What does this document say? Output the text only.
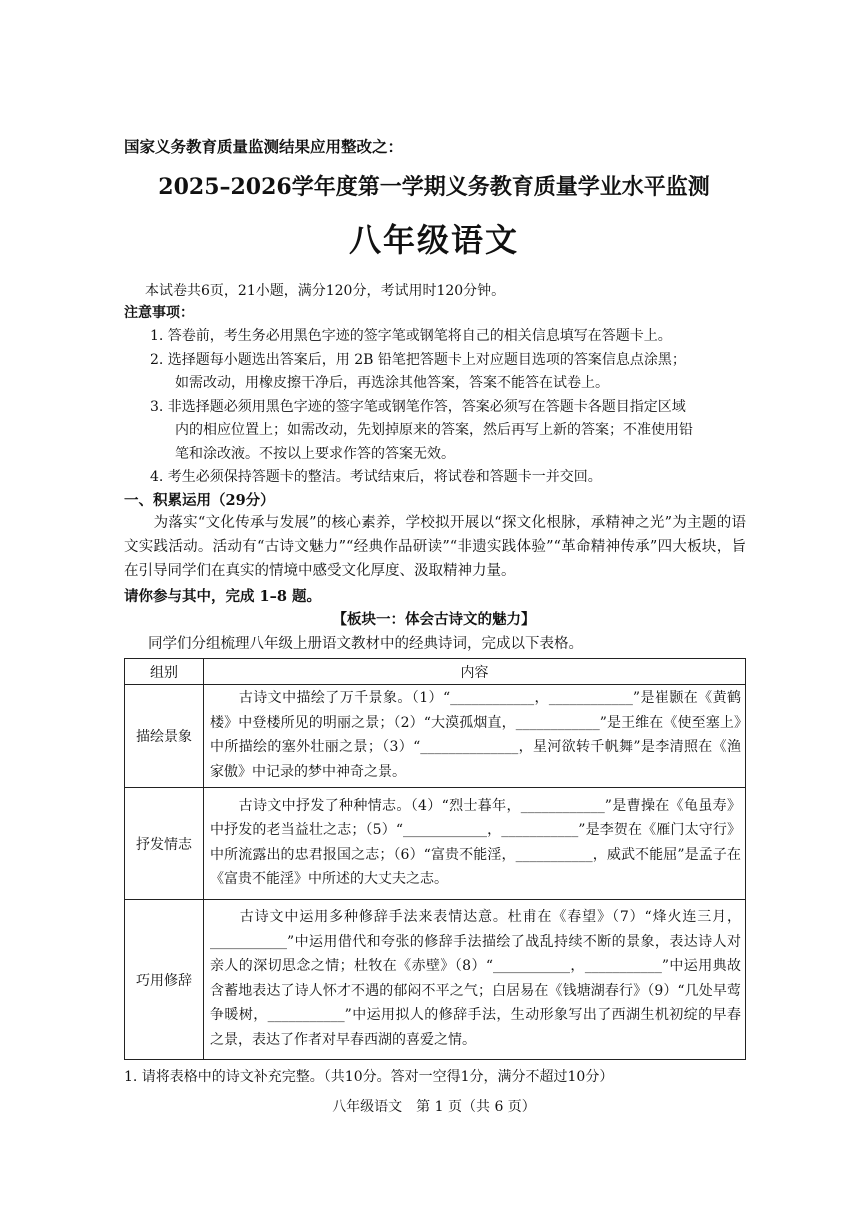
国家义务教育质量监测结果应用整改之：
2025–2026学年度第一学期义务教育质量学业水平监测
八年级语文
本试卷共6页，21小题，满分120分，考试用时120分钟。
注意事项：

1. 答卷前，考生务必用黑色字迹的签字笔或钢笔将自己的相关信息填写在答题卡上。

2. 选择题每小题选出答案后，用 2B 铅笔把答题卡上对应题目选项的答案信息点涂黑；

如需改动，用橡皮擦干净后，再选涂其他答案，答案不能答在试卷上。

3. 非选择题必须用黑色字迹的签字笔或钢笔作答，答案必须写在答题卡各题目指定区域

内的相应位置上；如需改动，先划掉原来的答案，然后再写上新的答案；不准使用铅

笔和涂改液。不按以上要求作答的答案无效。

4. 考生必须保持答题卡的整洁。考试结束后，将试卷和答题卡一并交回。

一、积累运用（29分）
　　为落实“文化传承与发展”的核心素养，学校拟开展以“探文化根脉，承精神之光”为主题的语文实践活动。活动有“古诗文魅力”“经典作品研读”“非遗实践体验”“革命精神传承”四大板块，旨在引导同学们在真实的情境中感受文化厚度、汲取精神力量。
请你参与其中，完成 1–8 题。
【板块一：体会古诗文的魅力】
同学们分组梳理八年级上册语文教材中的经典诗词，完成以下表格。
组别	内容
描绘景象	　　古诗文中描绘了万千景象。（1）“____________，____________”是崔颢在《黄鹤楼》中登楼所见的明丽之景；（2）“大漠孤烟直，____________”是王维在《使至塞上》中所描绘的塞外壮丽之景；（3）“______________，星河欲转千帆舞”是李清照在《渔家傲》中记录的梦中神奇之景。
抒发情志	　　古诗文中抒发了种种情志。（4）“烈士暮年，____________”是曹操在《龟虽寿》中抒发的老当益壮之志；（5）“____________，___________”是李贺在《雁门太守行》中所流露出的忠君报国之志；（6）“富贵不能淫，___________，威武不能屈”是孟子在《富贵不能淫》中所述的大丈夫之志。
巧用修辞	　　古诗文中运用多种修辞手法来表情达意。杜甫在《春望》（7）“烽火连三月，___________”中运用借代和夸张的修辞手法描绘了战乱持续不断的景象，表达诗人对亲人的深切思念之情；杜牧在《赤壁》（8）“___________，___________”中运用典故含蓄地表达了诗人怀才不遇的郁闷不平之气；白居易在《钱塘湖春行》（9）“几处早莺争暖树，___________”中运用拟人的修辞手法，生动形象写出了西湖生机初绽的早春之景，表达了作者对早春西湖的喜爱之情。
1. 请将表格中的诗文补充完整。（共10分。答对一空得1分，满分不超过10分）
八年级语文　第 1 页（共 6 页）
